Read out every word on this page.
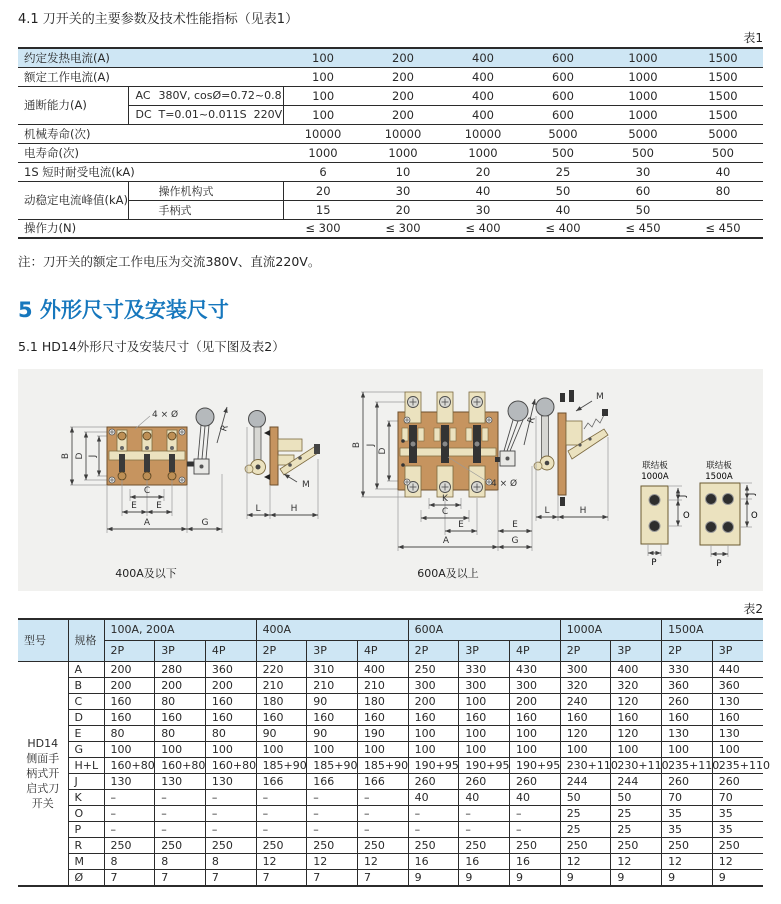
4.1 刀开关的主要参数及技术性能指标（见表1）
表1
约定发热电流(A)		100	200	400	600	1000	1500
额定工作电流(A)		100	200	400	600	1000	1500
通断能力(A)	AC 380V, cosØ=0.72~0.8	100	200	400	600	1000	1500
	DC T=0.01~0.011S  220V	100	200	400	600	1000	1500
机械寿命(次)		10000	10000	10000	5000	5000	5000
电寿命(次)		1000	1000	1000	500	500	500
1S 短时耐受电流(kA)		6	10	20	25	30	40
动稳定电流峰值(kA)	操作机构式	20	30	40	50	60	80
	手柄式	15	20	30	40	50	
操作力(N)		≤ 300	≤ 300	≤ 400	≤ 400	≤ 450	≤ 450
注：刀开关的额定工作电压为交流380V、直流220V。
5 外形尺寸及安装尺寸
5.1 HD14外形尺寸及安装尺寸（见下图及表2）
B D J
4 × Ø
R
C
E E
A	G
400A及以下
M
L	H
B J
D
4 × Ø
R
K
C
E	E
A	G
600A及以上
M
L	H
联结板
1000A
J
O
P
联结板
1500A
J
O
P
表2
型号	规格	100A, 200A			400A			600A			1000A		1500A	
		2P	3P	4P	2P	3P	4P	2P	3P	4P	2P	3P	2P	3P

HD14
侧面手
柄式开
启式刀
开关	A	200	280	360	220	310	400	250	330	430	300	400	330	440
	B	200	200	200	210	210	210	300	300	300	320	320	360	360
	C	160	80	160	180	90	180	200	100	200	240	120	260	130
	D	160	160	160	160	160	160	160	160	160	160	160	160	160
	E	80	80	80	90	90	190	100	100	100	120	120	130	130
	G	100	100	100	100	100	100	100	100	100	100	100	100	100
	H+L	160+80	160+80	160+80	185+90	185+90	185+90	190+95	190+95	190+95	230+110	230+110	235+110	235+110
	J	130	130	130	166	166	166	260	260	260	244	244	260	260
	K	–	–	–	–	–	–	40	40	40	50	50	70	70
	O	–	–	–	–	–	–	–	–	–	25	25	35	35
	P	–	–	–	–	–	–	–	–	–	25	25	35	35
	R	250	250	250	250	250	250	250	250	250	250	250	250	250
	M	8	8	8	12	12	12	16	16	16	12	12	12	12
	Ø	7	7	7	7	7	7	9	9	9	9	9	9	9
